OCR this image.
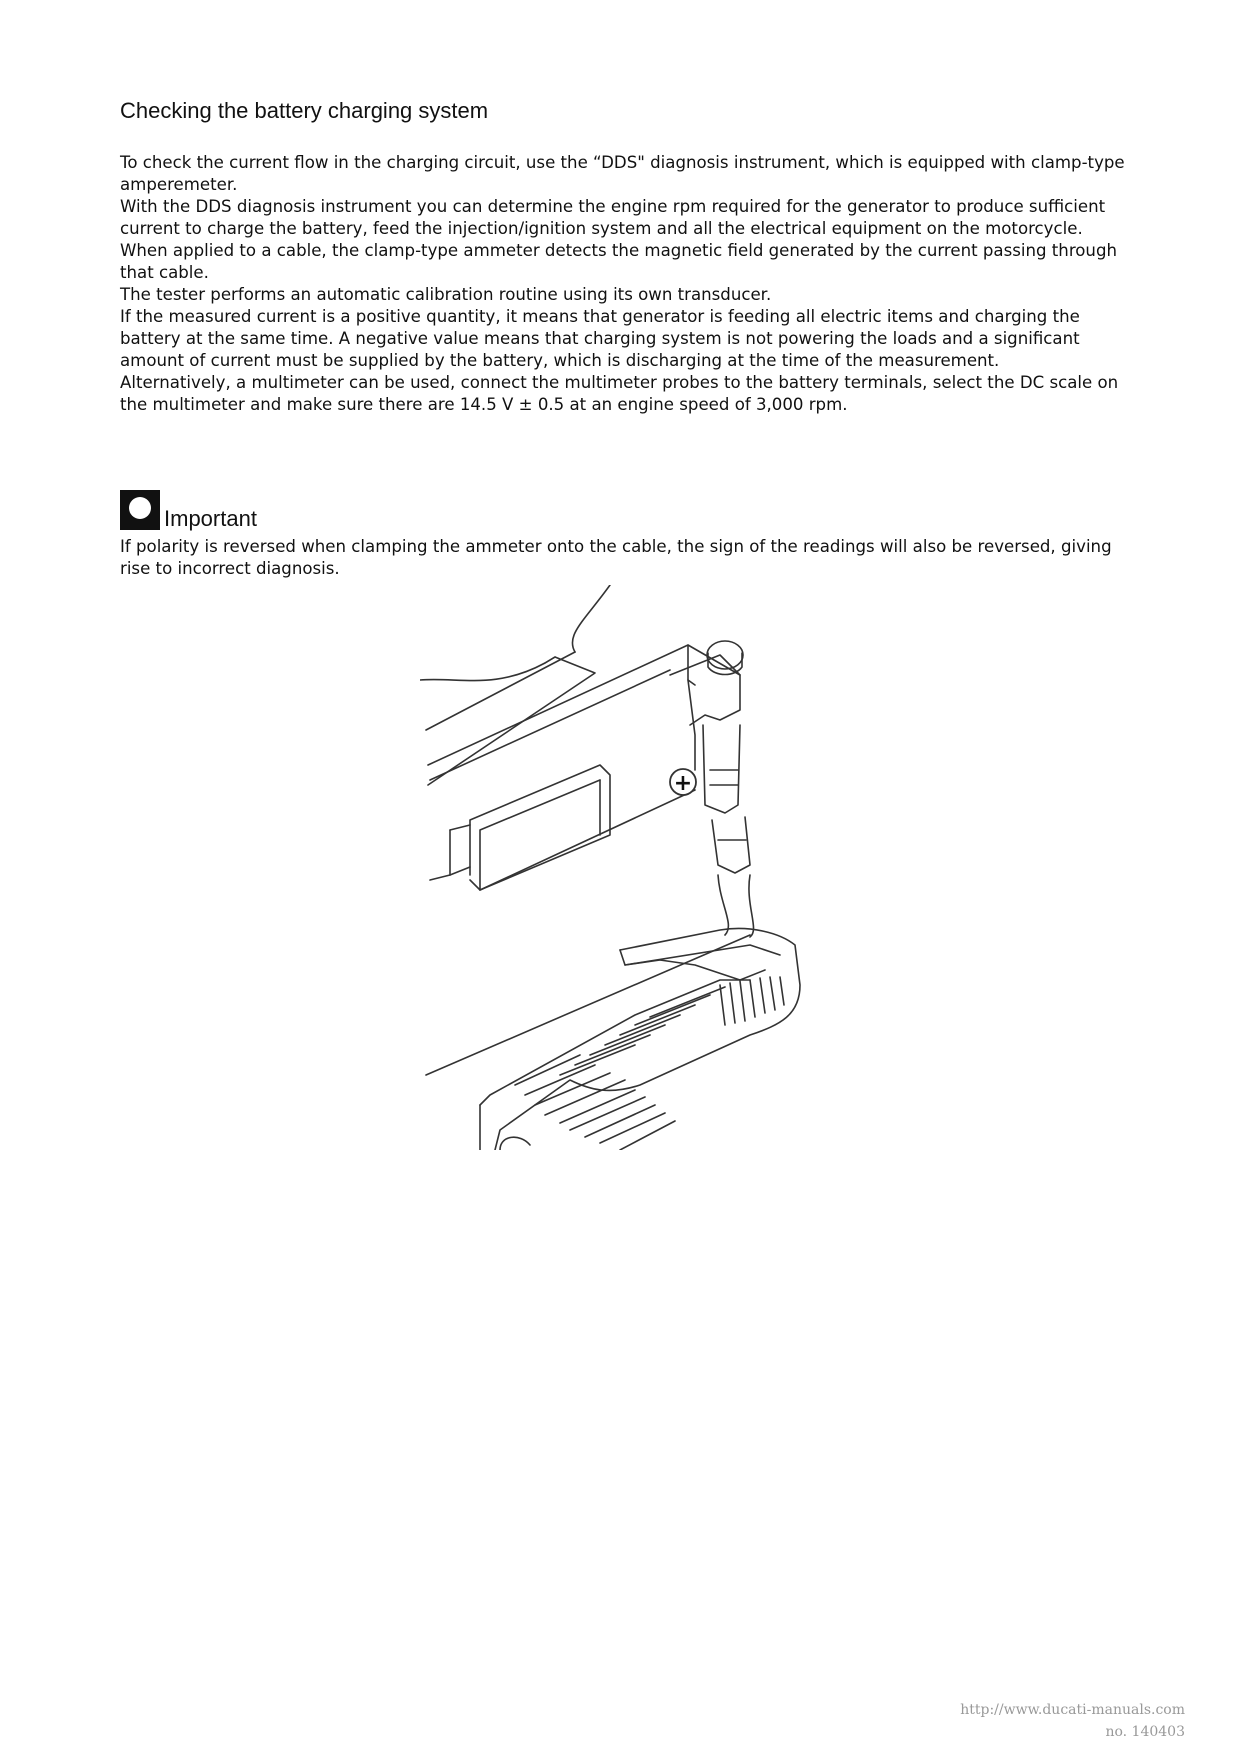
Checking the battery charging system

To check the current flow in the charging circuit, use the “DDS" diagnosis instrument, which is equipped with clamp-type amperemeter.

With the DDS diagnosis instrument you can determine the engine rpm required for the generator to produce sufficient current to charge the battery, feed the injection/ignition system and all the electrical equipment on the motorcycle.

When applied to a cable, the clamp-type ammeter detects the magnetic field generated by the current passing through that cable.

The tester performs an automatic calibration routine using its own transducer.

If the measured current is a positive quantity, it means that generator is feeding all electric items and charging the battery at the same time. A negative value means that charging system is not powering the loads and a significant amount of current must be supplied by the battery, which is discharging at the time of the measurement.

Alternatively, a multimeter can be used, connect the multimeter probes to the battery terminals, select the DC scale on the multimeter and make sure there are 14.5 V ± 0.5 at an engine speed of 3,000 rpm.

Important
If polarity is reversed when clamping the ammeter onto the cable, the sign of the readings will also be reversed, giving rise to incorrect diagnosis.
+
http://www.ducati-manuals.com
no. 140403
